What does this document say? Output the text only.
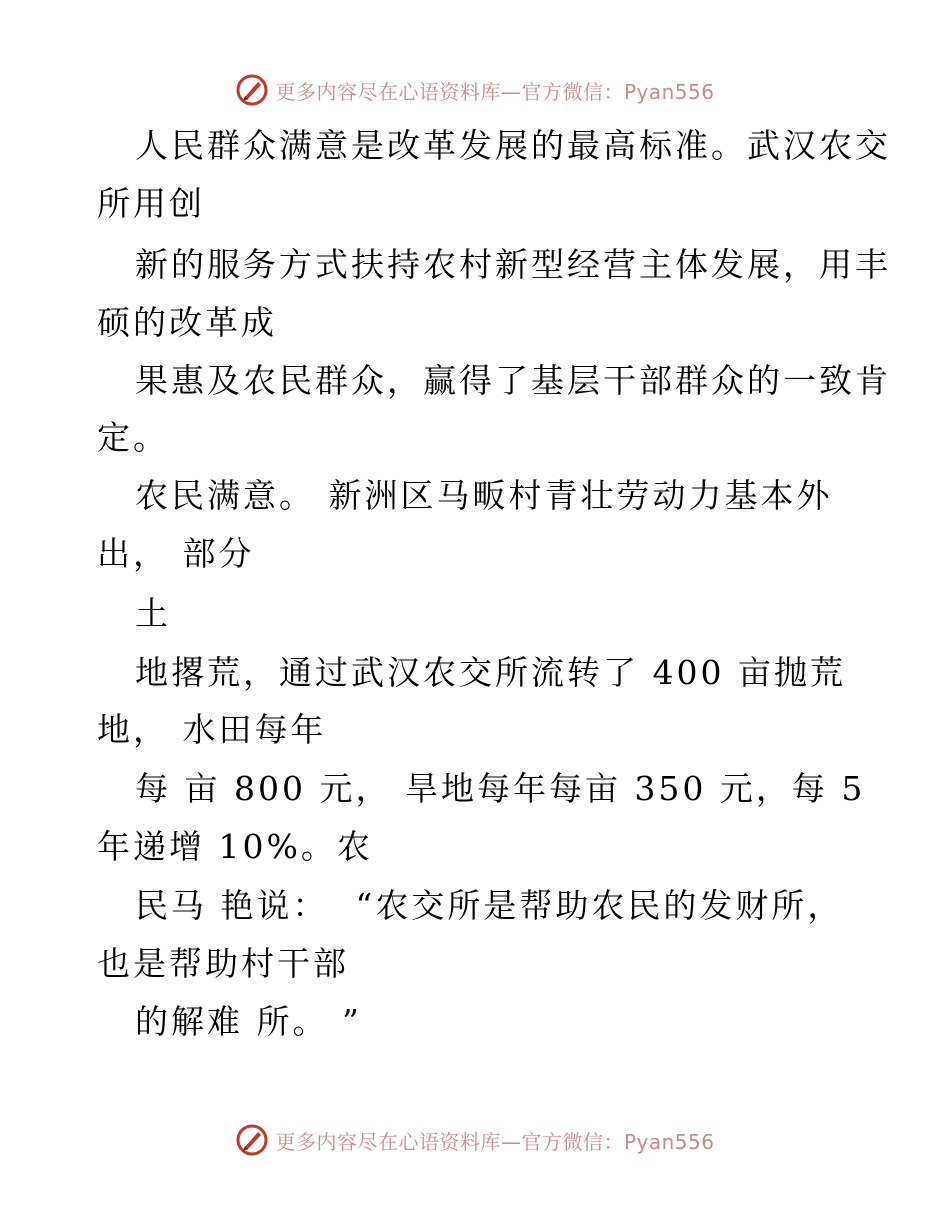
更多内容尽在心语资料库—官方微信：Pyan556
人民群众满意是改革发展的最高标准。武汉农交
所用创
新的服务方式扶持农村新型经营主体发展，用丰
硕的改革成
果惠及农民群众，赢得了基层干部群众的一致肯
定。
农民满意。 新洲区马畈村青壮劳动力基本外
出， 部分
土
地撂荒，通过武汉农交所流转了 400 亩抛荒
地， 水田每年
每 亩 800 元， 旱地每年每亩 350 元，每 5
年递增 10%。农
民马 艳说：  “农交所是帮助农民的发财所，
也是帮助村干部
的解难 所。 ”
更多内容尽在心语资料库—官方微信：Pyan556
